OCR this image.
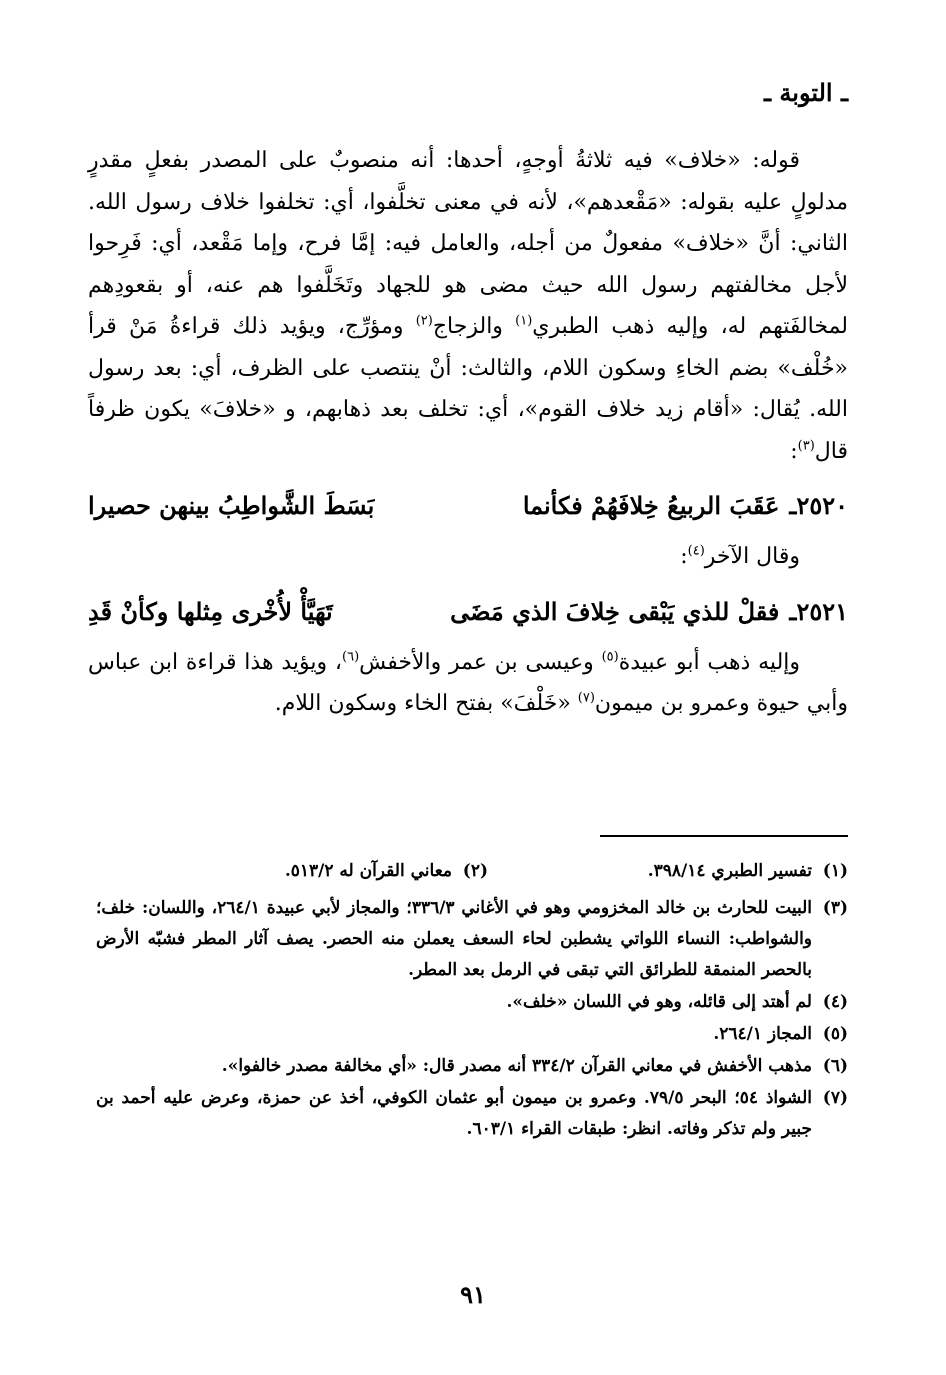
ـ التوبة ـ

قوله: «خلاف» فيه ثلاثةُ أوجهٍ، أحدها: أنه منصوبٌ على المصدر بفعلٍ مقدرٍ مدلولٍ عليه بقوله: «مَقْعدهم»، لأنه في معنى تخلَّفوا، أي: تخلفوا خلاف رسول الله. الثاني: أنَّ «خلاف» مفعولٌ من أجله، والعامل فيه: إمَّا فرح، وإما مَقْعد، أي: فَرِحوا لأجل مخالفتهم رسول الله حيث مضى هو للجهاد وتَخَلَّفوا هم عنه، أو بقعودِهم لمخالفَتهم له، وإليه ذهب الطبري$^{(١)}$ والزجاج$^{(٢)}$ ومؤرِّج، ويؤيد ذلك قراءةُ مَنْ قرأ «خُلْف» بضم الخاءِ وسكون اللام، والثالث: أنْ ينتصب على الظرف، أي: بعد رسول الله. يُقال: «أقام زيد خلاف القوم»، أي: تخلف بعد ذهابهم، و «خلافَ» يكون ظرفاً قال$^{(٣)}$:

٢٥٢٠ـ
عَقَبَ الربيعُ خِلافَهُمْ فكأنما
بَسَطَ الشَّواطِبُ بينهن حصيرا

وقال الآخر$^{(٤)}$:

٢٥٢١ـ
فقلْ للذي يَبْقى خِلافَ الذي مَضَى
تَهَيَّأْ لأُخْرى مِثلها وكأنْ قَدِ

وإليه ذهب أبو عبيدة$^{(٥)}$ وعيسى بن عمر والأخفش$^{(٦)}$، ويؤيد هذا قراءة ابن عباس وأبي حيوة وعمرو بن ميمون$^{(٧)}$ «خَلْفَ» بفتح الخاء وسكون اللام.

(١)
تفسير الطبري ٣٩٨/١٤.
(٢)
معاني القرآن له ٥١٣/٢.
(٣)
البيت للحارث بن خالد المخزومي وهو في الأغاني ٣٣٦/٣؛ والمجاز لأبي عبيدة ٢٦٤/١، واللسان: خلف؛ والشواطب: النساء اللواتي يشطبن لحاء السعف يعملن منه الحصر. يصف آثار المطر فشبّه الأرض بالحصر المنمقة للطرائق التي تبقى في الرمل بعد المطر.
(٤)
لم أهتد إلى قائله، وهو في اللسان «خلف».
(٥)
المجاز ٢٦٤/١.
(٦)
مذهب الأخفش في معاني القرآن ٣٣٤/٢ أنه مصدر قال: «أي مخالفة مصدر خالفوا».
(٧)
الشواذ ٥٤؛ البحر ٧٩/٥. وعمرو بن ميمون أبو عثمان الكوفي، أخذ عن حمزة، وعرض عليه أحمد بن جبير ولم تذكر وفاته. انظر: طبقات القراء ٦٠٣/١.
٩١
